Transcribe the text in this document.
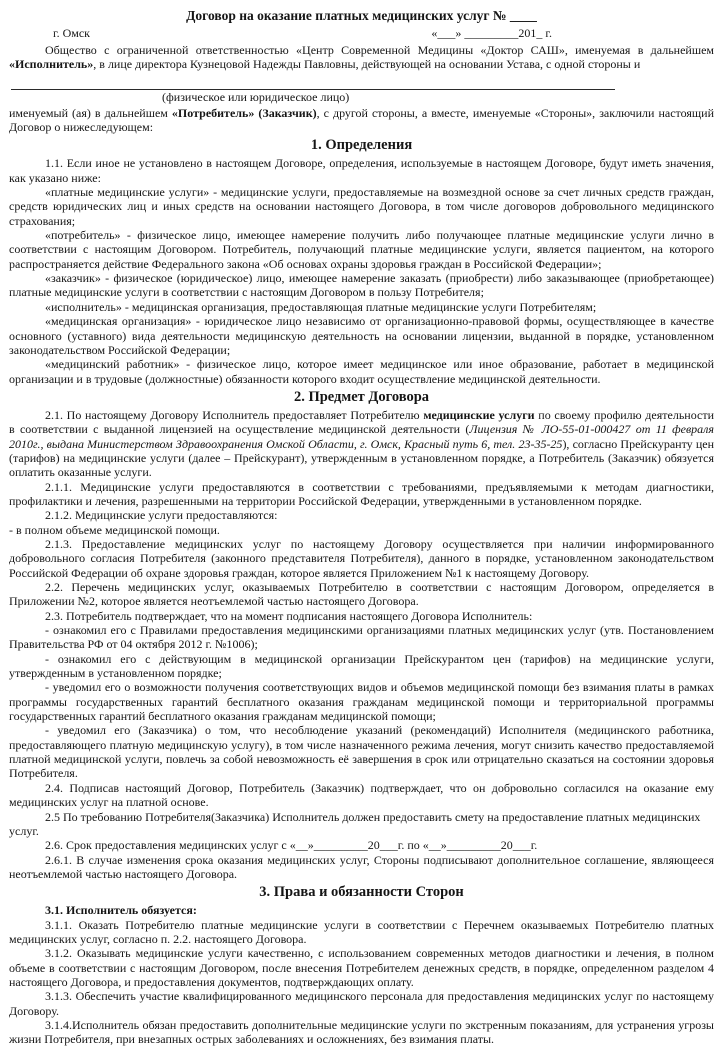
Договор на оказание платных медицинских услуг № ____
г. Омск	«___» _________201_ г.

Общество с ограниченной ответственностью «Центр Современной Медицины «Доктор САШ», именуемая в дальнейшем «Исполнитель», в лице директора Кузнецовой Надежды Павловны, действующей на основании Устава, с одной стороны и

(физическое или юридическое лицо)

именуемый (ая) в дальнейшем «Потребитель» (Заказчик), с другой стороны, а вместе, именуемые «Стороны», заключили настоящий Договор о нижеследующем:

1. Определения

1.1. Если иное не установлено в настоящем Договоре, определения, используемые в настоящем Договоре, будут иметь значения, как указано ниже:

«платные медицинские услуги» - медицинские услуги, предоставляемые на возмездной основе за счет личных средств граждан, средств юридических лиц и иных средств на основании настоящего Договора, в том числе договоров добровольного медицинского страхования;

«потребитель» - физическое лицо, имеющее намерение получить либо получающее платные медицинские услуги лично в соответствии с настоящим Договором. Потребитель, получающий платные медицинские услуги, является пациентом, на которого распространяется действие Федерального закона «Об основах охраны здоровья граждан в Российской Федерации»;

«заказчик» - физическое (юридическое) лицо, имеющее намерение заказать (приобрести) либо заказывающее (приобретающее) платные медицинские услуги в соответствии с настоящим Договором в пользу Потребителя;

«исполнитель» - медицинская организация, предоставляющая платные медицинские услуги Потребителям;

«медицинская организация» - юридическое лицо независимо от организационно-правовой формы, осуществляющее в качестве основного (уставного) вида деятельности медицинскую деятельность на основании лицензии, выданной в порядке, установленном законодательством Российской Федерации;

«медицинский работник» - физическое лицо, которое имеет медицинское или иное образование, работает в медицинской организации и в трудовые (должностные) обязанности которого входит осуществление медицинской деятельности.

2. Предмет Договора

2.1. По настоящему Договору Исполнитель предоставляет Потребителю медицинские услуги по своему профилю деятельности в соответствии с выданной лицензией на осуществление медицинской деятельности (Лицензия № ЛО-55-01-000427 от 11 февраля 2010г., выдана Министерством Здравоохранения Омской Области, г. Омск, Красный путь 6, тел. 23-35-25), согласно Прейскуранту цен (тарифов) на медицинские услуги (далее – Прейскурант), утвержденным в установленном порядке, а Потребитель (Заказчик) обязуется оплатить оказанные услуги.

2.1.1. Медицинские услуги предоставляются в соответствии с требованиями, предъявляемыми к методам диагностики, профилактики и лечения, разрешенными на территории Российской Федерации, утвержденными в установленном порядке.

2.1.2. Медицинские услуги предоставляются:

- в полном объеме медицинской помощи.

2.1.3. Предоставление медицинских услуг по настоящему Договору осуществляется при наличии информированного добровольного согласия Потребителя (законного представителя Потребителя), данного в порядке, установленном законодательством Российской Федерации об охране здоровья граждан, которое является Приложением №1 к настоящему Договору.

2.2. Перечень медицинских услуг, оказываемых Потребителю в соответствии с настоящим Договором, определяется в Приложении №2, которое является неотъемлемой частью настоящего Договора.

2.3. Потребитель подтверждает, что на момент подписания настоящего Договора Исполнитель:

- ознакомил его с Правилами предоставления медицинскими организациями платных медицинских услуг (утв. Постановлением Правительства РФ от 04 октября 2012 г. №1006);

- ознакомил его с действующим в медицинской организации Прейскурантом цен (тарифов) на медицинские услуги, утвержденным в установленном порядке;

- уведомил его о возможности получения соответствующих видов и объемов медицинской помощи без взимания платы в рамках программы государственных гарантий бесплатного оказания гражданам медицинской помощи и территориальной программы государственных гарантий бесплатного оказания гражданам медицинской помощи;

- уведомил его (Заказчика) о том, что несоблюдение указаний (рекомендаций) Исполнителя (медицинского работника, предоставляющего платную медицинскую услугу), в том числе назначенного режима лечения, могут снизить качество предоставляемой платной медицинской услуги, повлечь за собой невозможность её завершения в срок или отрицательно сказаться на состоянии здоровья Потребителя.

2.4. Подписав настоящий Договор, Потребитель (Заказчик) подтверждает, что он добровольно согласился на оказание ему медицинских услуг на платной основе.

2.5 По требованию Потребителя(Заказчика) Исполнитель должен предоставить смету на предоставление платных медицинских услуг.

2.6. Срок предоставления медицинских услуг с «__»_________20___г. по «__»_________20___г.

2.6.1. В случае изменения срока оказания медицинских услуг, Стороны подписывают дополнительное соглашение, являющееся неотъемлемой частью настоящего Договора.

3. Права и обязанности Сторон

3.1. Исполнитель обязуется:

3.1.1. Оказать Потребителю платные медицинские услуги в соответствии с Перечнем оказываемых Потребителю платных медицинских услуг, согласно п. 2.2. настоящего Договора.

3.1.2. Оказывать медицинские услуги качественно, с использованием современных методов диагностики и лечения, в полном объеме в соответствии с настоящим Договором, после внесения Потребителем денежных средств, в порядке, определенном разделом 4 настоящего Договора, и предоставления документов, подтверждающих оплату.

3.1.3. Обеспечить участие квалифицированного медицинского персонала для предоставления медицинских услуг по настоящему Договору.

3.1.4.Исполнитель обязан предоставить дополнительные медицинские услуги по экстренным показаниям, для устранения угрозы жизни Потребителя, при внезапных острых заболеваниях и осложнениях, без взимания платы.
